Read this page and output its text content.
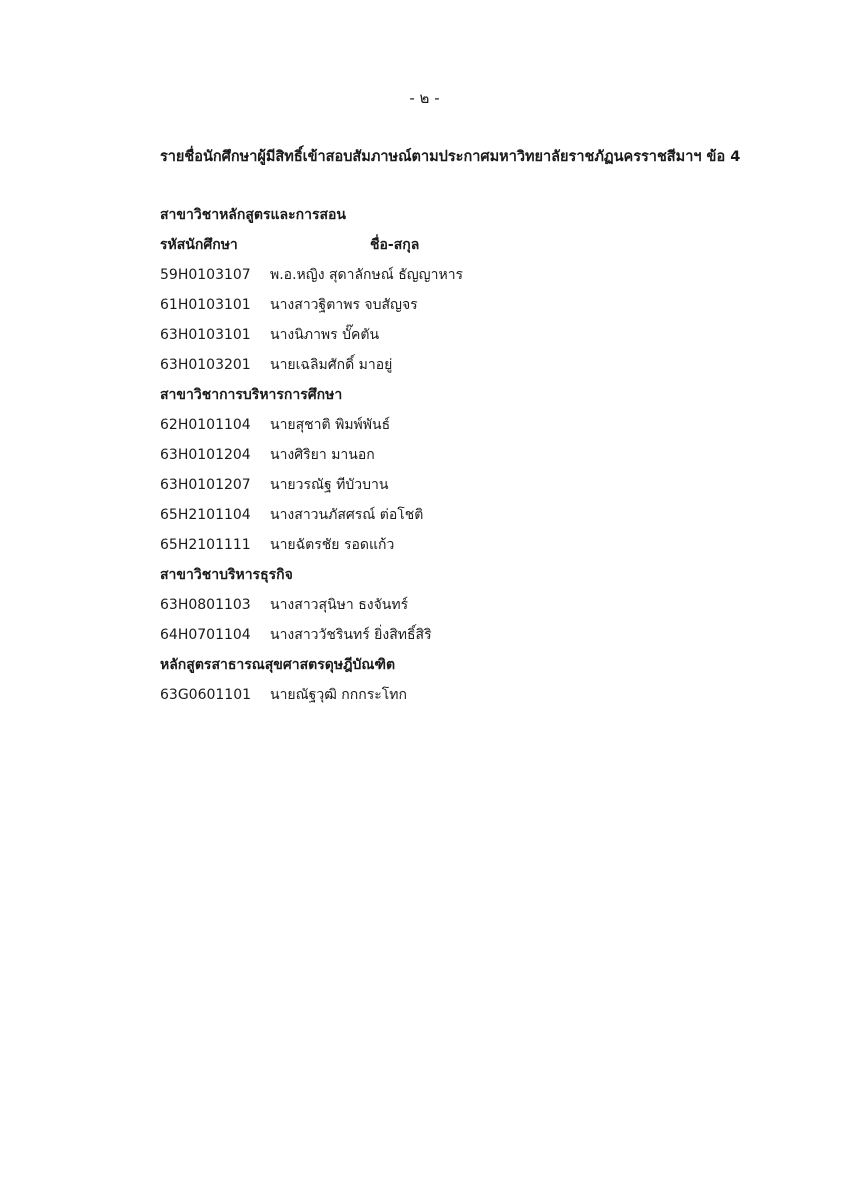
- ๒ -
รายชื่อนักศึกษาผู้มีสิทธิ์เข้าสอบสัมภาษณ์ตามประกาศมหาวิทยาลัยราชภัฏนครราชสีมาฯ ข้อ 4
สาขาวิชาหลักสูตรและการสอน
รหัสนักศึกษา	ชื่อ-สกุล
59H0103107	พ.อ.หญิง สุดาลักษณ์ ธัญญาหาร
61H0103101	นางสาวฐิตาพร จบสัญจร
63H0103101	นางนิภาพร บั๊คตัน
63H0103201	นายเฉลิมศักดิ์ มาอยู่
สาขาวิชาการบริหารการศึกษา
62H0101104	นายสุชาติ พิมพ์พันธ์
63H0101204	นางศิริยา มานอก
63H0101207	นายวรณัฐ ทีบัวบาน
65H2101104	นางสาวนภัสศรณ์ ต่อโชติ
65H2101111	นายฉัตรชัย รอดแก้ว
สาขาวิชาบริหารธุรกิจ
63H0801103	นางสาวสุนิษา ธงจันทร์
64H0701104	นางสาววัชรินทร์ ยิ่งสิทธิ์สิริ
หลักสูตรสาธารณสุขศาสตรดุษฎีบัณฑิต
63G0601101	นายณัฐวุฒิ กกกระโทก
